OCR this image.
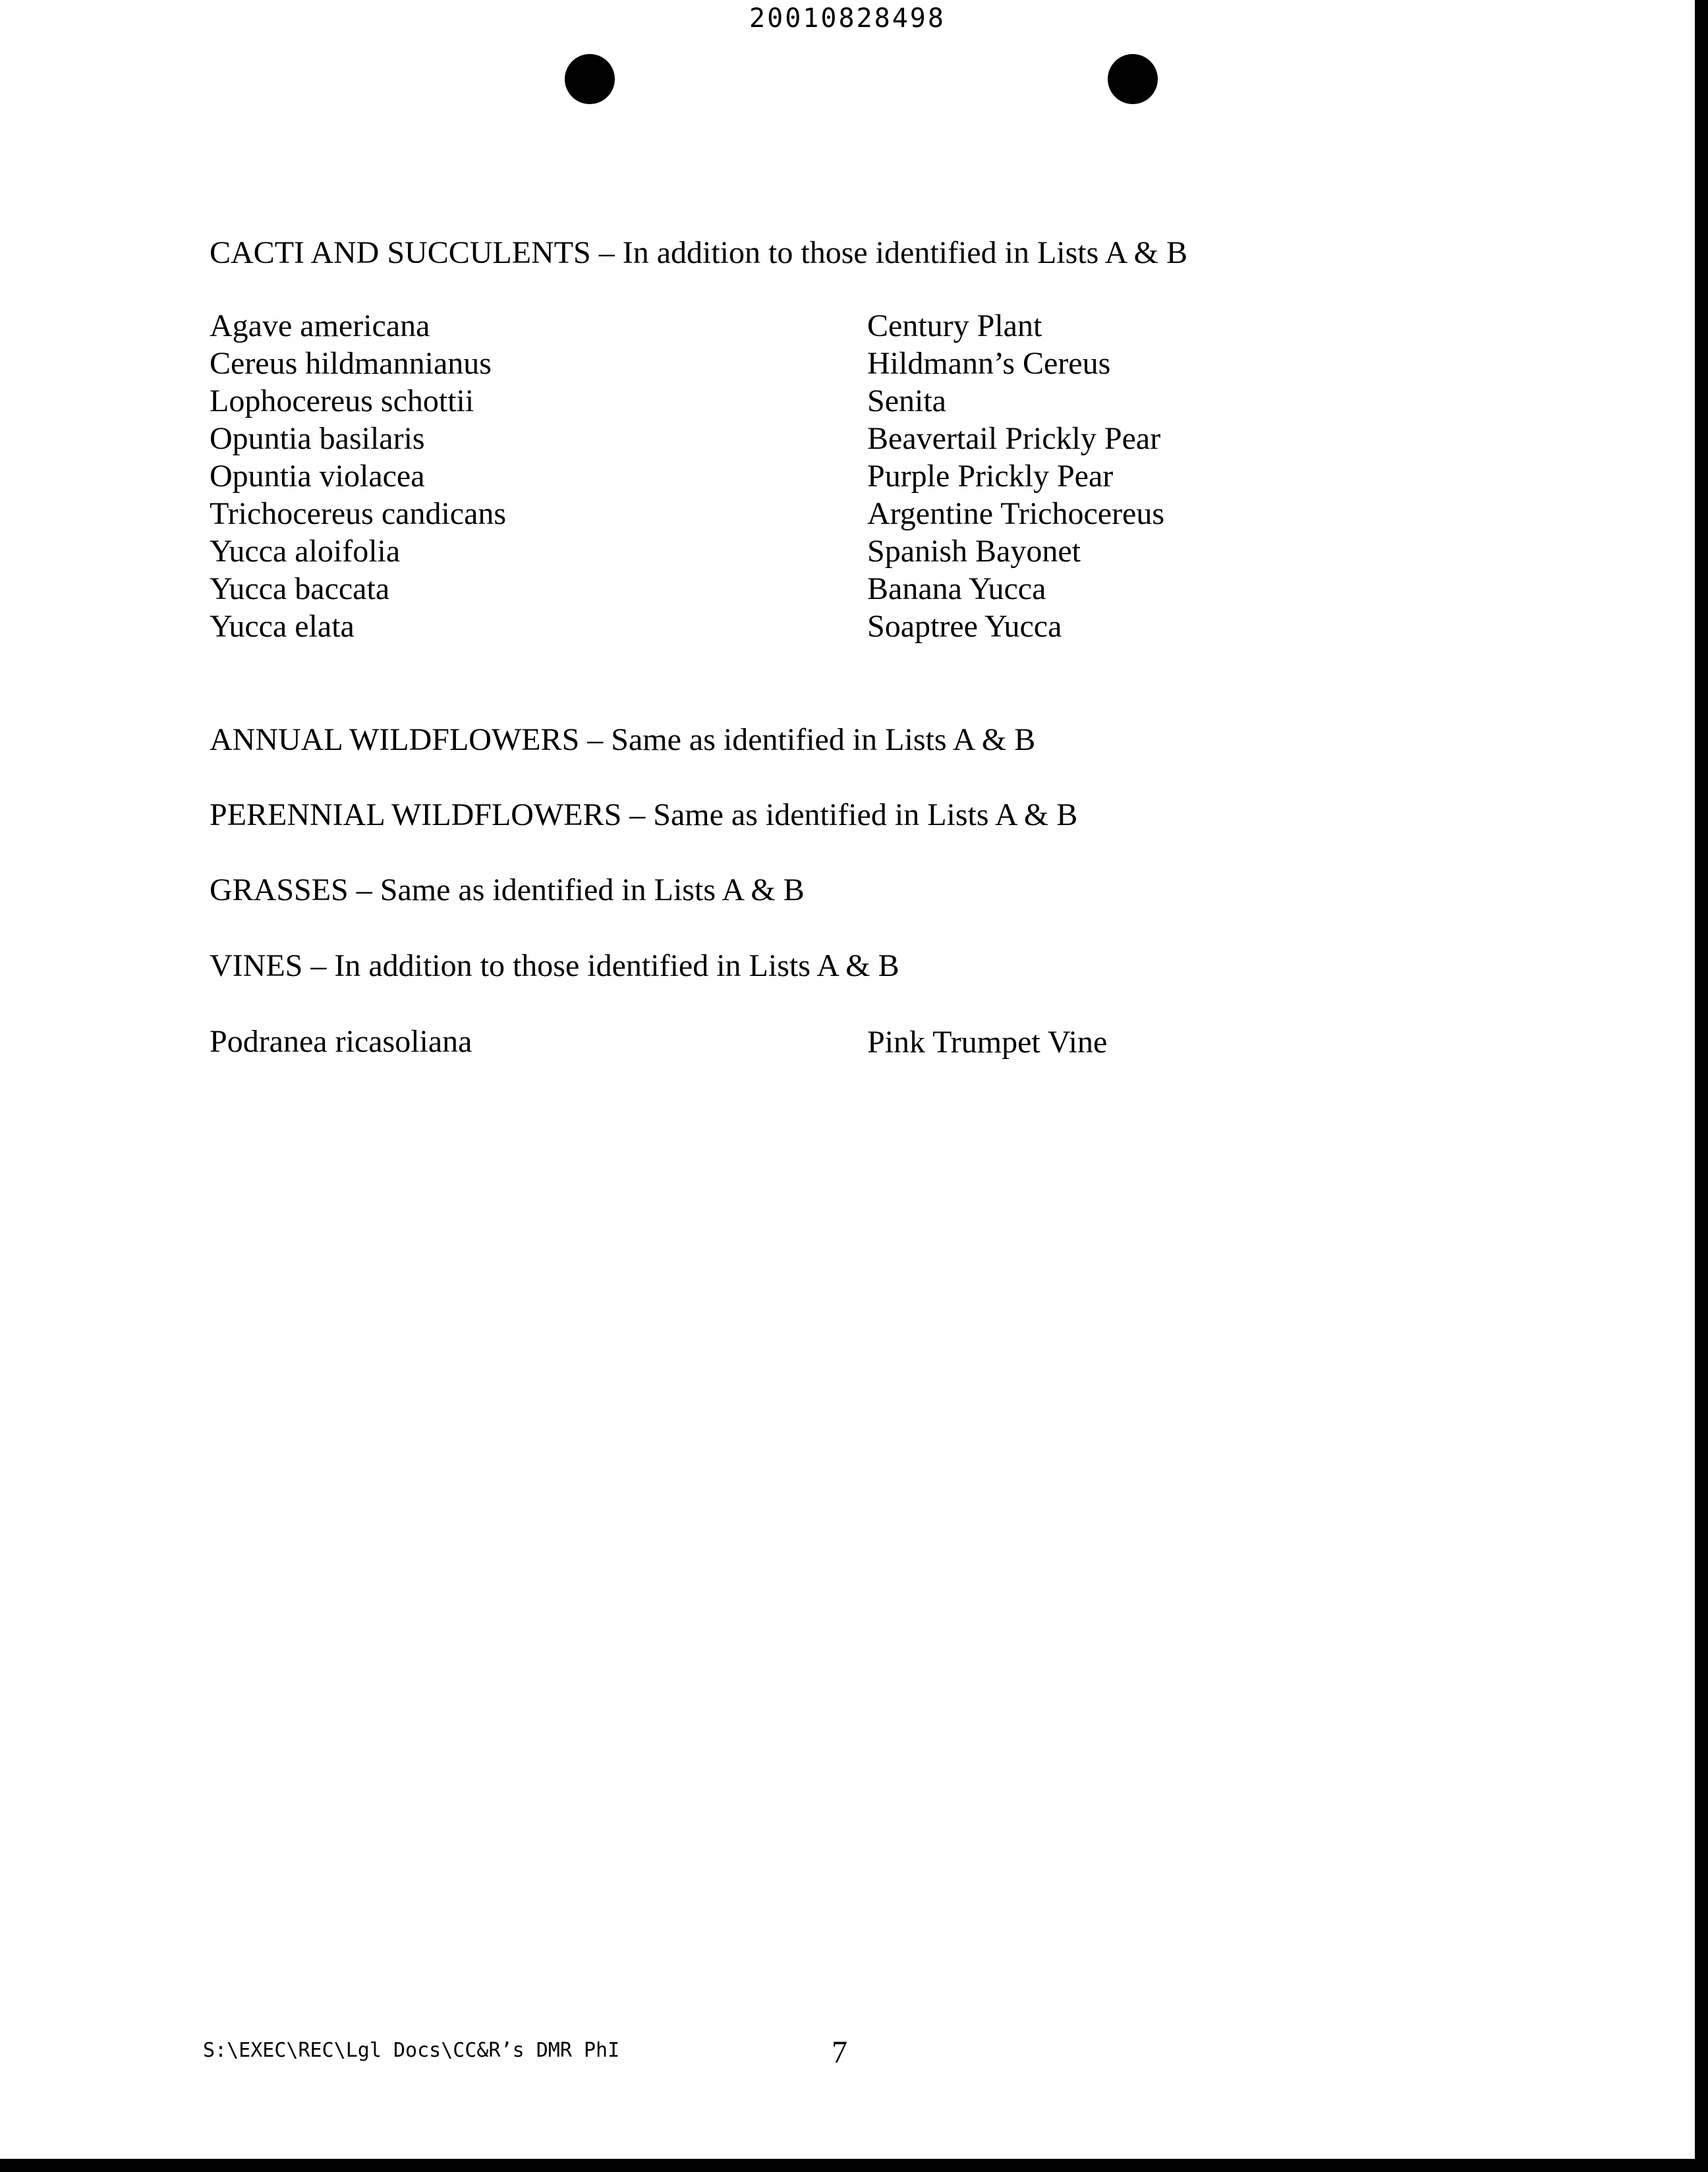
20010828498
CACTI AND SUCCULENTS – In addition to those identified in Lists A & B
Agave americana	Century Plant
Cereus hildmannianus	Hildmann’s Cereus
Lophocereus schottii	Senita
Opuntia basilaris	Beavertail Prickly Pear
Opuntia violacea	Purple Prickly Pear
Trichocereus candicans	Argentine Trichocereus
Yucca aloifolia	Spanish Bayonet
Yucca baccata	Banana Yucca
Yucca elata	Soaptree Yucca
ANNUAL WILDFLOWERS – Same as identified in Lists A & B
PERENNIAL WILDFLOWERS – Same as identified in Lists A & B
GRASSES – Same as identified in Lists A & B
VINES – In addition to those identified in Lists A & B
Podranea ricasoliana	Pink Trumpet Vine
S:\EXEC\REC\Lgl Docs\CC&R’s DMR PhI	7
